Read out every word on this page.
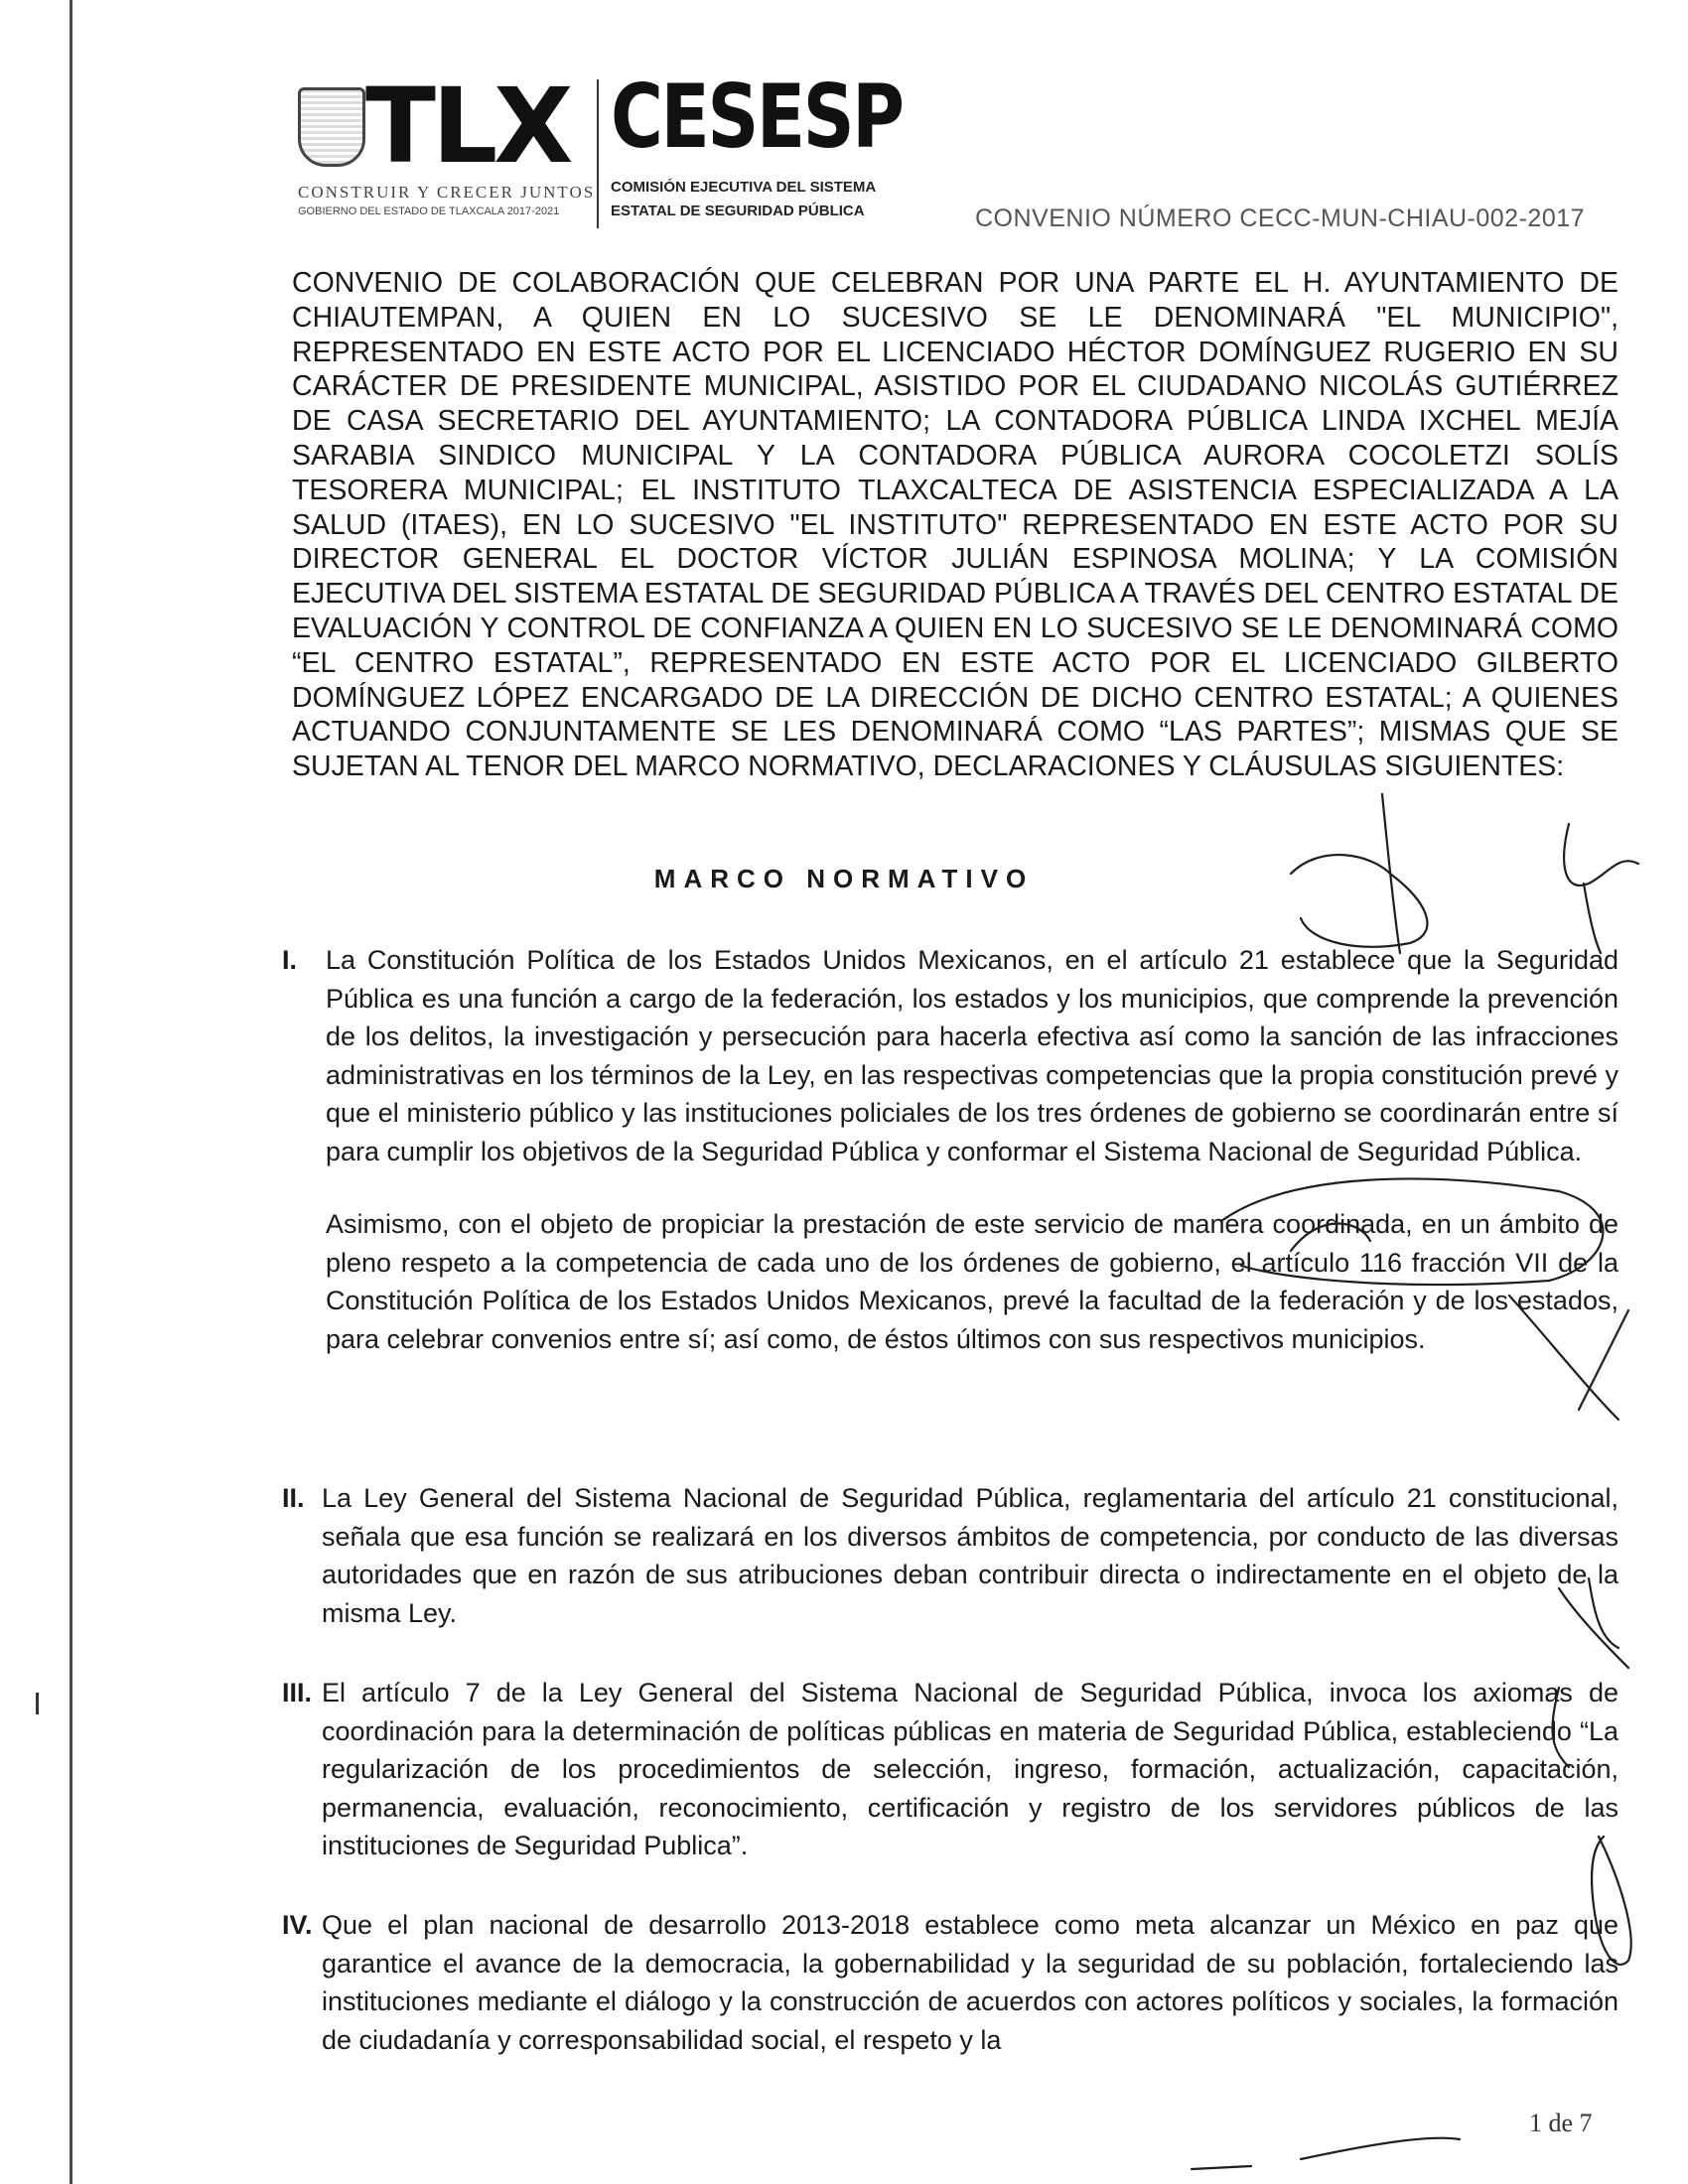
TLX
CONSTRUIR Y CRECER JUNTOS
GOBIERNO DEL ESTADO DE TLAXCALA 2017-2021
CESESP
COMISIÓN EJECUTIVA DEL SISTEMA
ESTATAL DE SEGURIDAD PÚBLICA	CONVENIO NÚMERO CECC-MUN-CHIAU-002-2017

CONVENIO DE COLABORACIÓN QUE CELEBRAN POR UNA PARTE EL H. AYUNTAMIENTO DE CHIAUTEMPAN, A QUIEN EN LO SUCESIVO SE LE DENOMINARÁ "EL MUNICIPIO", REPRESENTADO EN ESTE ACTO POR EL LICENCIADO HÉCTOR DOMÍNGUEZ RUGERIO EN SU CARÁCTER DE PRESIDENTE MUNICIPAL, ASISTIDO POR EL CIUDADANO NICOLÁS GUTIÉRREZ DE CASA SECRETARIO DEL AYUNTAMIENTO; LA CONTADORA PÚBLICA LINDA IXCHEL MEJÍA SARABIA SINDICO MUNICIPAL Y LA CONTADORA PÚBLICA AURORA COCOLETZI SOLÍS TESORERA MUNICIPAL; EL INSTITUTO TLAXCALTECA DE ASISTENCIA ESPECIALIZADA A LA SALUD (ITAES), EN LO SUCESIVO "EL INSTITUTO" REPRESENTADO EN ESTE ACTO POR SU DIRECTOR GENERAL EL DOCTOR VÍCTOR JULIÁN ESPINOSA MOLINA; Y LA COMISIÓN EJECUTIVA DEL SISTEMA ESTATAL DE SEGURIDAD PÚBLICA A TRAVÉS DEL CENTRO ESTATAL DE EVALUACIÓN Y CONTROL DE CONFIANZA A QUIEN EN LO SUCESIVO SE LE DENOMINARÁ COMO “EL CENTRO ESTATAL”, REPRESENTADO EN ESTE ACTO POR EL LICENCIADO GILBERTO DOMÍNGUEZ LÓPEZ ENCARGADO DE LA DIRECCIÓN DE DICHO CENTRO ESTATAL; A QUIENES ACTUANDO CONJUNTAMENTE SE LES DENOMINARÁ COMO “LAS PARTES”; MISMAS QUE SE SUJETAN AL TENOR DEL MARCO NORMATIVO, DECLARACIONES Y CLÁUSULAS SIGUIENTES:

MARCO NORMATIVO
I. La Constitución Política de los Estados Unidos Mexicanos, en el artículo 21 establece que la Seguridad Pública es una función a cargo de la federación, los estados y los municipios, que comprende la prevención de los delitos, la investigación y persecución para hacerla efectiva así como la sanción de las infracciones administrativas en los términos de la Ley, en las respectivas competencias que la propia constitución prevé y que el ministerio público y las instituciones policiales de los tres órdenes de gobierno se coordinarán entre sí para cumplir los objetivos de la Seguridad Pública y conformar el Sistema Nacional de Seguridad Pública.

Asimismo, con el objeto de propiciar la prestación de este servicio de manera coordinada, en un ámbito de pleno respeto a la competencia de cada uno de los órdenes de gobierno, el artículo 116 fracción VII de la Constitución Política de los Estados Unidos Mexicanos, prevé la facultad de la federación y de los estados, para celebrar convenios entre sí; así como, de éstos últimos con sus respectivos municipios.

II. La Ley General del Sistema Nacional de Seguridad Pública, reglamentaria del artículo 21 constitucional, señala que esa función se realizará en los diversos ámbitos de competencia, por conducto de las diversas autoridades que en razón de sus atribuciones deban contribuir directa o indirectamente en el objeto de la misma Ley.

III. El artículo 7 de la Ley General del Sistema Nacional de Seguridad Pública, invoca los axiomas de coordinación para la determinación de políticas públicas en materia de Seguridad Pública, estableciendo “La regularización de los procedimientos de selección, ingreso, formación, actualización, capacitación, permanencia, evaluación, reconocimiento, certificación y registro de los servidores públicos de las instituciones de Seguridad Publica”.

IV. Que el plan nacional de desarrollo 2013-2018 establece como meta alcanzar un México en paz que garantice el avance de la democracia, la gobernabilidad y la seguridad de su población, fortaleciendo las instituciones mediante el diálogo y la construcción de acuerdos con actores políticos y sociales, la formación de ciudadanía y corresponsabilidad social, el respeto y la

1 de 7
